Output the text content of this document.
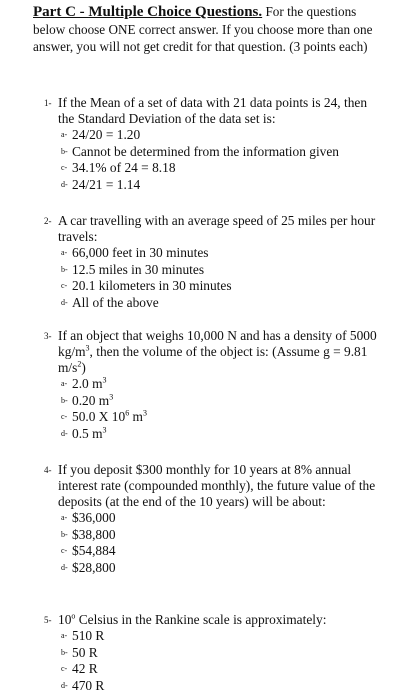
Part C - Multiple Choice Questions. For the questions below choose ONE correct answer. If you choose more than one answer, you will not get credit for that question. (3 points each)

1- If the Mean of a set of data with 21 data points is 24, then the Standard Deviation of the data set is:
a- 24/20 = 1.20
b- Cannot be determined from the information given
c- 34.1% of 24 = 8.18
d- 24/21 = 1.14
2- A car travelling with an average speed of 25 miles per hour travels:
a- 66,000 feet in 30 minutes
b- 12.5 miles in 30 minutes
c- 20.1 kilometers in 30 minutes
d- All of the above
3- If an object that weighs 10,000 N and has a density of 5000 $kg/m^3$, then the volume of the object is: (Assume g = 9.81 $m/s^2$)
a- 2.0 $m^3$
b- 0.20 $m^3$
c- 50.0 X $10^6$ $m^3$
d- 0.5 $m^3$
4- If you deposit $300 monthly for 10 years at 8% annual interest rate (compounded monthly), the future value of the deposits (at the end of the 10 years) will be about:
a- $36,000
b- $38,800
c- $54,884
d- $28,800
5- 10$^o$ Celsius in the Rankine scale is approximately:
a- 510 R
b- 50 R
c- 42 R
d- 470 R
